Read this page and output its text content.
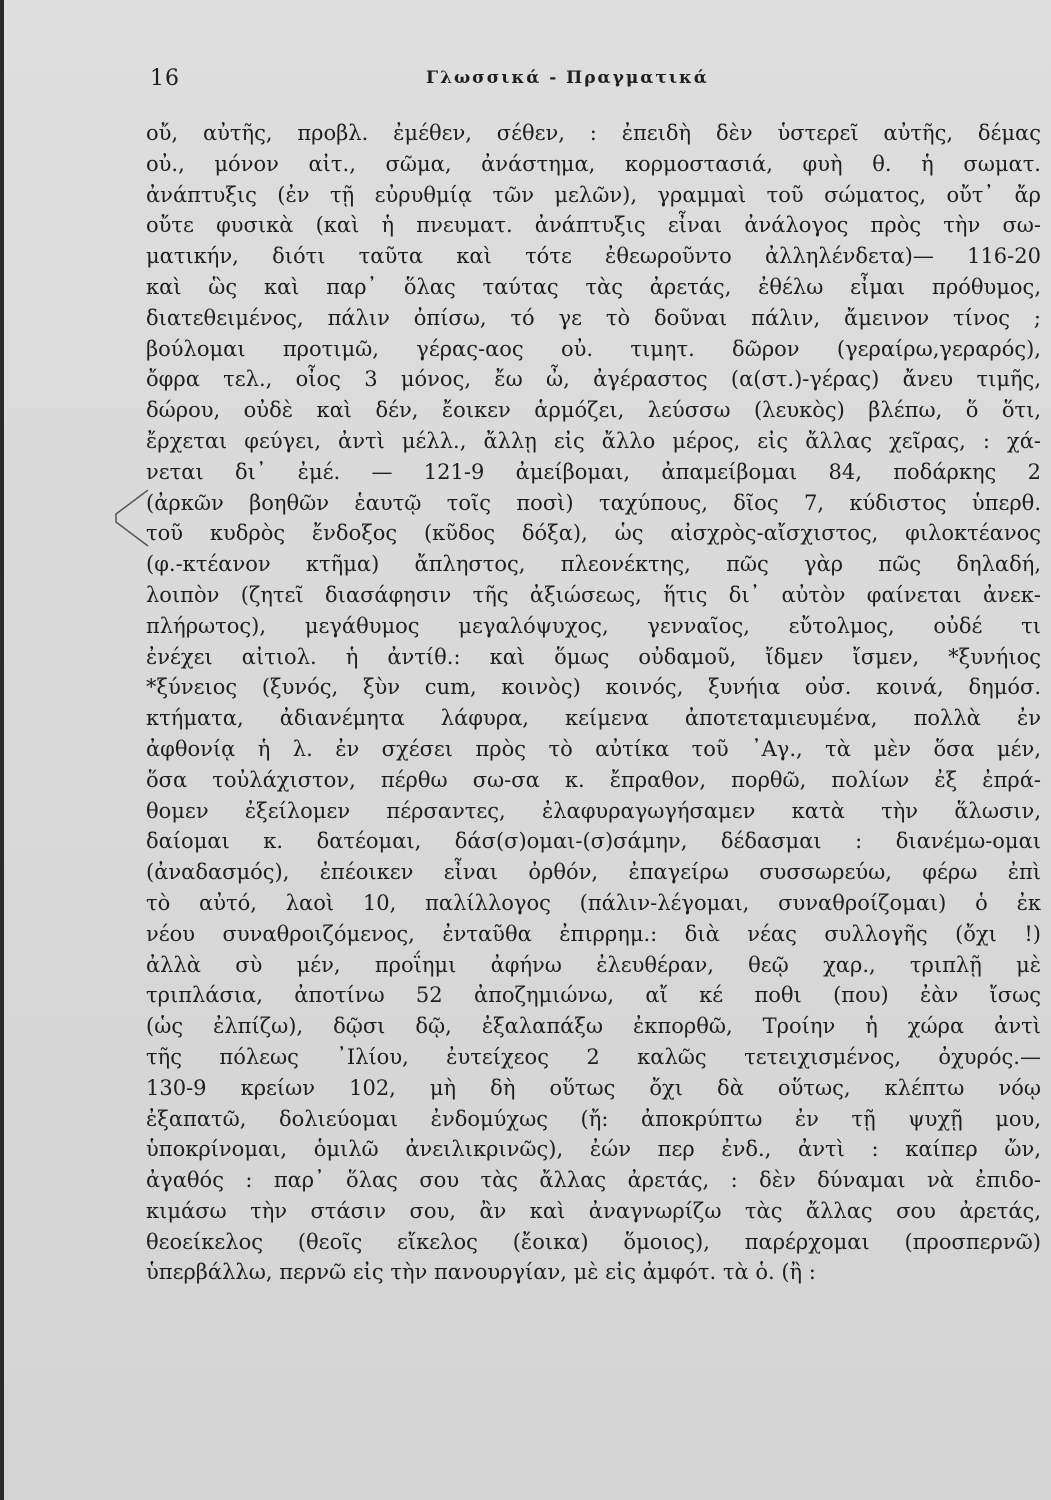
16	Γλωσσικά - Πραγματικά
οὔ, αὐτῆς, προβλ. ἐμέθεν, σέθεν, : ἐπειδὴ δὲν ὑστερεῖ αὐτῆς, δέμας
οὐ., μόνον αἰτ., σῶμα, ἀνάστημα, κορμοστασιά, φυὴ θ. ἡ σωματ.
ἀνάπτυξις (ἐν τῇ εὐρυθμίᾳ τῶν μελῶν), γραμμαὶ τοῦ σώματος, οὔτ᾽ ἄρ
οὔτε φυσικὰ (καὶ ἡ πνευματ. ἀνάπτυξις εἶναι ἀνάλογος πρὸς τὴν σω-
ματικήν, διότι ταῦτα καὶ τότε ἐθεωροῦντο ἀλληλένδετα)— 116-20
καὶ ὣς καὶ παρ᾽ ὅλας ταύτας τὰς ἀρετάς, ἐθέλω εἶμαι πρόθυμος,
διατεθειμένος, πάλιν ὀπίσω, τό γε τὸ δοῦναι πάλιν, ἄμεινον τίνος ;
βούλομαι προτιμῶ, γέρας-αος οὐ. τιμητ. δῶρον (γεραίρω,γεραρός),
ὄφρα τελ., οἶος 3 μόνος, ἔω ὦ, ἀγέραστος (α(στ.)-γέρας) ἄνευ τιμῆς,
δώρου, οὐδὲ καὶ δέν, ἔοικεν ἁρμόζει, λεύσσω (λευκὸς) βλέπω, ὅ ὅτι,
ἔρχεται φεύγει, ἀντὶ μέλλ., ἄλλῃ εἰς ἄλλο μέρος, εἰς ἄλλας χεῖρας, : χά-
νεται δι᾽ ἐμέ. — 121-9 ἀμείβομαι, ἀπαμείβομαι 84, ποδάρκης 2
(ἀρκῶν βοηθῶν ἑαυτῷ τοῖς ποσὶ) ταχύπους, δῖος 7, κύδιστος ὑπερθ.
τοῦ κυδρὸς ἔνδοξος (κῦδος δόξα), ὡς αἰσχρὸς-αἴσχιστος, φιλοκτέανος
(φ.-κτέανον κτῆμα) ἄπληστος, πλεονέκτης, πῶς γὰρ πῶς δηλαδή,
λοιπὸν (ζητεῖ διασάφησιν τῆς ἀξιώσεως, ἥτις δι᾽ αὐτὸν φαίνεται ἀνεκ-
πλήρωτος), μεγάθυμος μεγαλόψυχος, γενναῖος, εὔτολμος, οὐδέ τι
ἐνέχει αἰτιολ. ἡ ἀντίθ.: καὶ ὅμως οὐδαμοῦ, ἴδμεν ἴσμεν, *ξυνήιος
*ξύνειος (ξυνός, ξὺν cum, κοινὸς) κοινός, ξυνήια οὐσ. κοινά, δημόσ.
κτήματα, ἀδιανέμητα λάφυρα, κείμενα ἀποτεταμιευμένα, πολλὰ ἐν
ἀφθονίᾳ ἡ λ. ἐν σχέσει πρὸς τὸ αὐτίκα τοῦ ᾽Αγ., τὰ μὲν ὅσα μέν,
ὅσα τοὐλάχιστον, πέρθω σω-σα κ. ἔπραθον, πορθῶ, πολίων ἐξ ἐπρά-
θομεν ἐξείλομεν πέρσαντες, ἐλαφυραγωγήσαμεν κατὰ τὴν ἅλωσιν,
δαίομαι κ. δατέομαι, δάσ(σ)ομαι-(σ)σάμην, δέδασμαι : διανέμω-ομαι
(ἀναδασμός), ἐπέοικεν εἶναι ὀρθόν, ἐπαγείρω συσσωρεύω, φέρω ἐπὶ
τὸ αὐτό, λαοὶ 10, παλίλλογος (πάλιν-λέγομαι, συναθροίζομαι) ὁ ἐκ
νέου συναθροιζόμενος, ἐνταῦθα ἐπιρρημ.: διὰ νέας συλλογῆς (ὄχι !)
ἀλλὰ σὺ μέν, προΐημι ἀφήνω ἐλευθέραν, θεῷ χαρ., τριπλῇ μὲ
τριπλάσια, ἀποτίνω 52 ἀποζημιώνω, αἴ κέ ποθι (που) ἐὰν ἴσως
(ὡς ἐλπίζω), δῷσι δῷ, ἐξαλαπάξω ἐκπορθῶ, Τροίην ἡ χώρα ἀντὶ
τῆς πόλεως ᾽Ιλίου, ἐυτείχεος 2 καλῶς τετειχισμένος, ὀχυρός.—
130-9 κρείων 102, μὴ δὴ οὕτως ὄχι δὰ οὕτως, κλέπτω νόῳ
ἐξαπατῶ, δολιεύομαι ἐνδομύχως (ἤ: ἀποκρύπτω ἐν τῇ ψυχῇ μου,
ὑποκρίνομαι, ὁμιλῶ ἀνειλικρινῶς), ἐών περ ἐνδ., ἀντὶ : καίπερ ὤν,
ἀγαθός : παρ᾽ ὅλας σου τὰς ἄλλας ἀρετάς, : δὲν δύναμαι νὰ ἐπιδο-
κιμάσω τὴν στάσιν σου, ἂν καὶ ἀναγνωρίζω τὰς ἄλλας σου ἀρετάς,
θεοείκελος (θεοῖς εἴκελος (ἔοικα) ὅμοιος), παρέρχομαι (προσπερνῶ)
ὑπερβάλλω, περνῶ εἰς τὴν πανουργίαν, μὲ εἰς ἀμφότ. τὰ ὁ. (ἢ :
